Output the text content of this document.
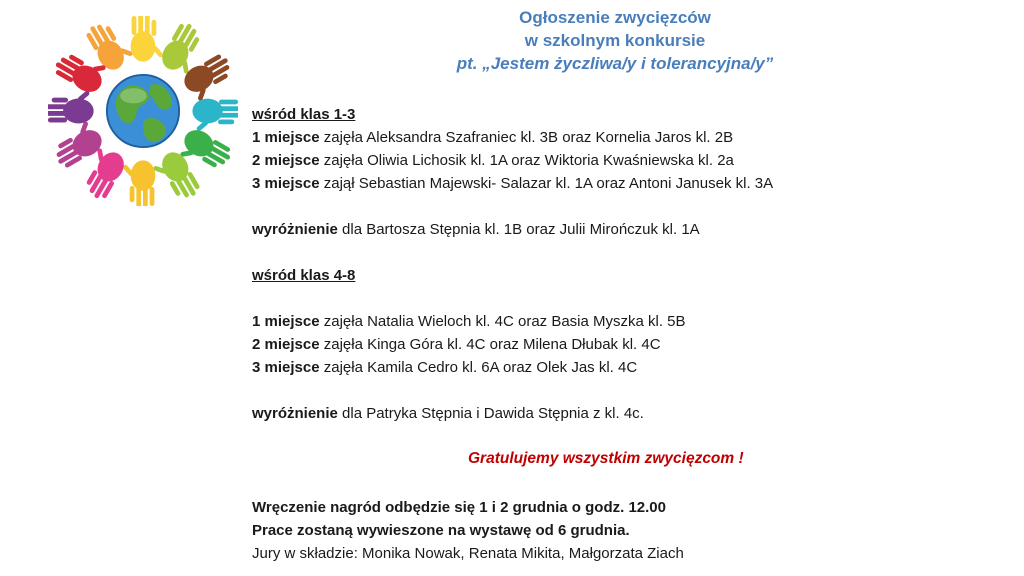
Ogłoszenie zwycięzców
w szkolnym konkursie
pt. „Jestem życzliwa/y i tolerancyjna/y”
wśród klas 1-3
1 miejsce zajęła Aleksandra Szafraniec kl. 3B oraz Kornelia Jaros kl. 2B
2 miejsce zajęła Oliwia Lichosik kl. 1A oraz Wiktoria Kwaśniewska kl. 2a
3 miejsce zajął Sebastian Majewski- Salazar kl. 1A oraz Antoni Janusek kl. 3A
wyróżnienie dla Bartosza Stępnia kl. 1B oraz Julii Mirończuk kl. 1A
wśród klas 4-8
1 miejsce zajęła Natalia Wieloch kl. 4C oraz Basia Myszka kl. 5B
2 miejsce zajęła Kinga Góra kl. 4C oraz Milena Dłubak kl. 4C
3 miejsce zajęła Kamila Cedro kl. 6A oraz Olek Jas kl. 4C
wyróżnienie dla Patryka Stępnia i Dawida Stępnia z kl. 4c.
Gratulujemy wszystkim zwycięzcom !
Wręczenie nagród odbędzie się 1 i 2 grudnia o godz. 12.00
Prace zostaną wywieszone na wystawę od 6 grudnia.
Jury w składzie: Monika Nowak, Renata Mikita, Małgorzata Ziach
